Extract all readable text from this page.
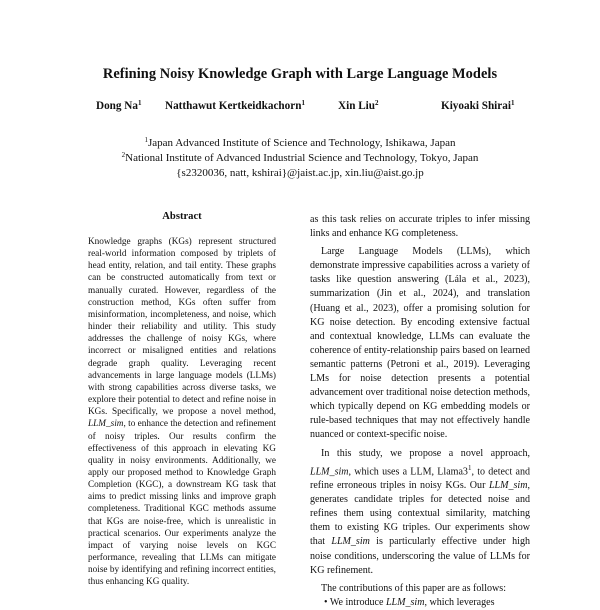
Refining Noisy Knowledge Graph with Large Language Models
Dong Na$^1$ Natthawut Kertkeidkachorn$^1$	Xin Liu$^2$	Kiyoaki Shirai$^1$
$^1$Japan Advanced Institute of Science and Technology, Ishikawa, Japan
$^2$National Institute of Advanced Industrial Science and Technology, Tokyo, Japan
{s2320036, natt, kshirai}@jaist.ac.jp, xin.liu@aist.go.jp
Abstract

Knowledge graphs (KGs) represent structured real-world information composed by triplets of head entity, relation, and tail entity. These graphs can be constructed automatically from text or manually curated. However, regardless of the construction method, KGs often suffer from misinformation, incompleteness, and noise, which hinder their reliability and utility. This study addresses the challenge of noisy KGs, where incorrect or misaligned entities and relations degrade graph quality. Leveraging recent advancements in large language models (LLMs) with strong capabilities across diverse tasks, we explore their potential to detect and refine noise in KGs. Specifically, we propose a novel method, LLM_sim, to enhance the detection and refinement of noisy triples. Our results confirm the effectiveness of this approach in elevating KG quality in noisy environments. Additionally, we apply our proposed method to Knowledge Graph Completion (KGC), a downstream KG task that aims to predict missing links and improve graph completeness. Traditional KGC methods assume that KGs are noise-free, which is unrealistic in practical scenarios. Our experiments analyze the impact of varying noise levels on KGC performance, revealing that LLMs can mitigate noise by identifying and refining incorrect entities, thus enhancing KG quality.

as this task relies on accurate triples to infer missing links and enhance KG completeness.

Large Language Models (LLMs), which demonstrate impressive capabilities across a variety of tasks like question answering (Lála et al., 2023), summarization (Jin et al., 2024), and translation (Huang et al., 2023), offer a promising solution for KG noise detection. By encoding extensive factual and contextual knowledge, LLMs can evaluate the coherence of entity-relationship pairs based on learned semantic patterns (Petroni et al., 2019). Leveraging LMs for noise detection presents a potential advancement over traditional noise detection methods, which typically depend on KG embedding models or rule-based techniques that may not effectively handle nuanced or context-specific noise.

In this study, we propose a novel approach, LLM_sim, which uses a LLM, $Llama3^1$, to detect and refine erroneous triples in noisy KGs. Our LLM_sim, generates candidate triples for detected noise and refines them using contextual similarity, matching them to existing KG triples. Our experiments show that LLM_sim is particularly effective under high noise conditions, underscoring the value of LLMs for KG refinement.

The contributions of this paper are as follows:

• We introduce LLM_sim, which leverages
